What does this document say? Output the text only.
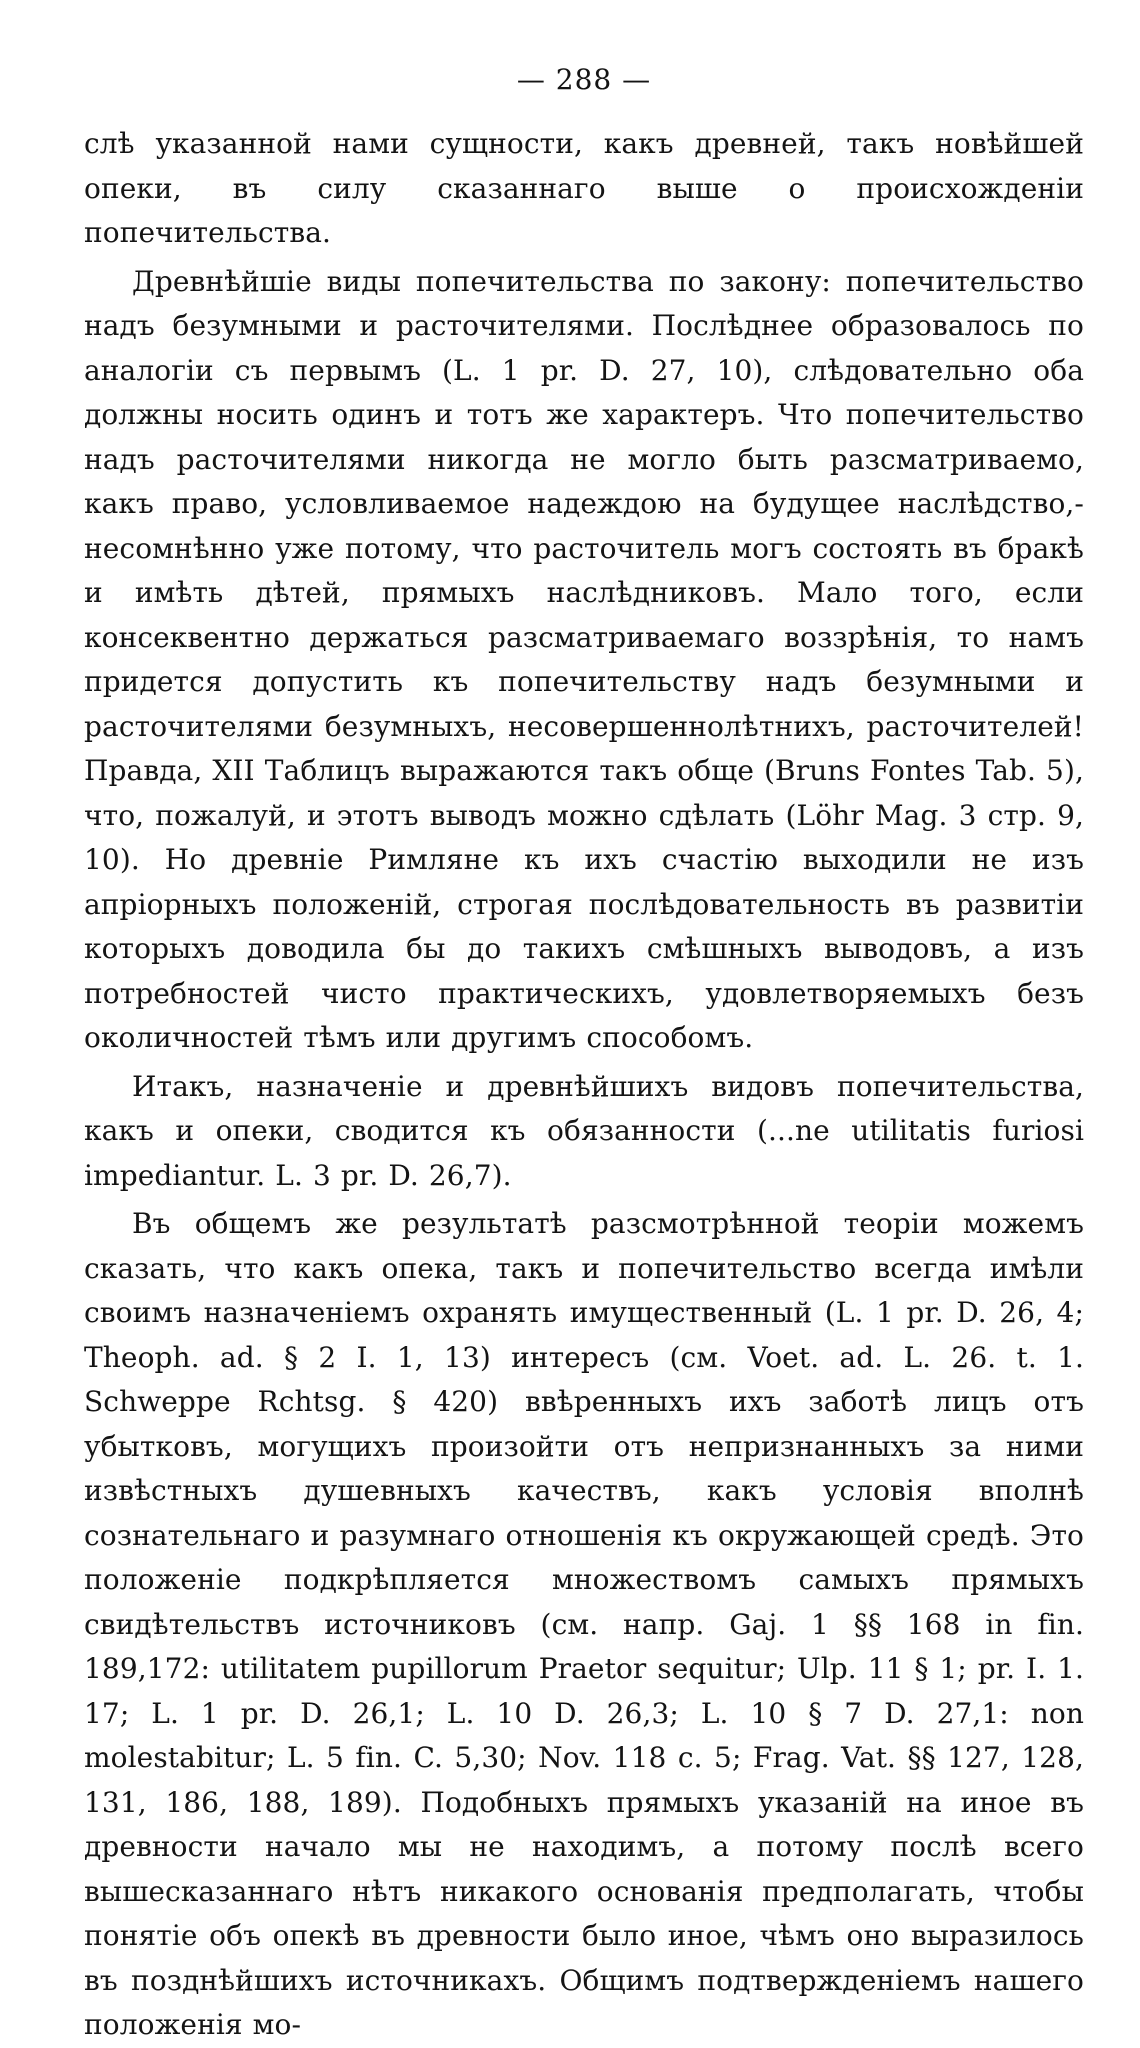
— 288 —

слѣ указанной нами сущности, какъ древней, такъ новѣйшей опеки, въ силу сказаннаго выше о происхожденіи попечительства.

Древнѣйшіе виды попечительства по закону: попечительство надъ безумными и расточителями. Послѣднее образовалось по аналогіи съ первымъ (L. 1 pr. D. 27, 10), слѣдовательно оба должны носить одинъ и тотъ же характеръ. Что попечительство надъ расточителями никогда не могло быть разсматриваемо, какъ право, условливаемое надеждою на будущее наслѣдство,-несомнѣнно уже потому, что расточитель могъ состоять въ бракѣ и имѣть дѣтей, прямыхъ наслѣдниковъ. Мало того, если консеквентно держаться разсматриваемаго воззрѣнія, то намъ придется допустить къ попечительству надъ безумными и расточителями безумныхъ, несовершеннолѣтнихъ, расточителей! Правда, XII Таблицъ выражаются такъ обще (Bruns Fontes Tab. 5), что, пожалуй, и этотъ выводъ можно сдѣлать (Löhr Mag. 3 стр. 9, 10). Но древніе Римляне къ ихъ счастію выходили не изъ апріорныхъ положеній, строгая послѣдовательность въ развитіи которыхъ доводила бы до такихъ смѣшныхъ выводовъ, а изъ потребностей чисто практическихъ, удовлетворяемыхъ безъ околичностей тѣмъ или другимъ способомъ.

Итакъ, назначеніе и древнѣйшихъ видовъ попечительства, какъ и опеки, сводится къ обязанности (...ne utilitatis furiosi impediantur. L. 3 pr. D. 26,7).

Въ общемъ же результатѣ разсмотрѣнной теоріи можемъ сказать, что какъ опека, такъ и попечительство всегда имѣли своимъ назначеніемъ охранять имущественный (L. 1 pr. D. 26, 4; Theoph. ad. § 2 I. 1, 13) интересъ (см. Voet. ad. L. 26. t. 1. Schweppe Rchtsg. § 420) ввѣренныхъ ихъ заботѣ лицъ отъ убытковъ, могущихъ произойти отъ непризнанныхъ за ними извѣстныхъ душевныхъ качествъ, какъ условія вполнѣ сознательнаго и разумнаго отношенія къ окружающей средѣ. Это положеніе подкрѣпляется множествомъ самыхъ прямыхъ свидѣтельствъ источниковъ (см. напр. Gaj. 1 §§ 168 in fin. 189,172: utilitatem pupillorum Praetor sequitur; Ulp. 11 § 1; pr. I. 1. 17; L. 1 pr. D. 26,1; L. 10 D. 26,3; L. 10 § 7 D. 27,1: non molestabitur; L. 5 fin. C. 5,30; Nov. 118 c. 5; Frag. Vat. §§ 127, 128, 131, 186, 188, 189). Подобныхъ прямыхъ указаній на иное въ древности начало мы не находимъ, а потому послѣ всего вышесказаннаго нѣтъ никакого основанія предполагать, чтобы понятіе объ опекѣ въ древности было иное, чѣмъ оно выразилось въ позднѣйшихъ источникахъ. Общимъ подтвержденіемъ нашего положенія мо-
